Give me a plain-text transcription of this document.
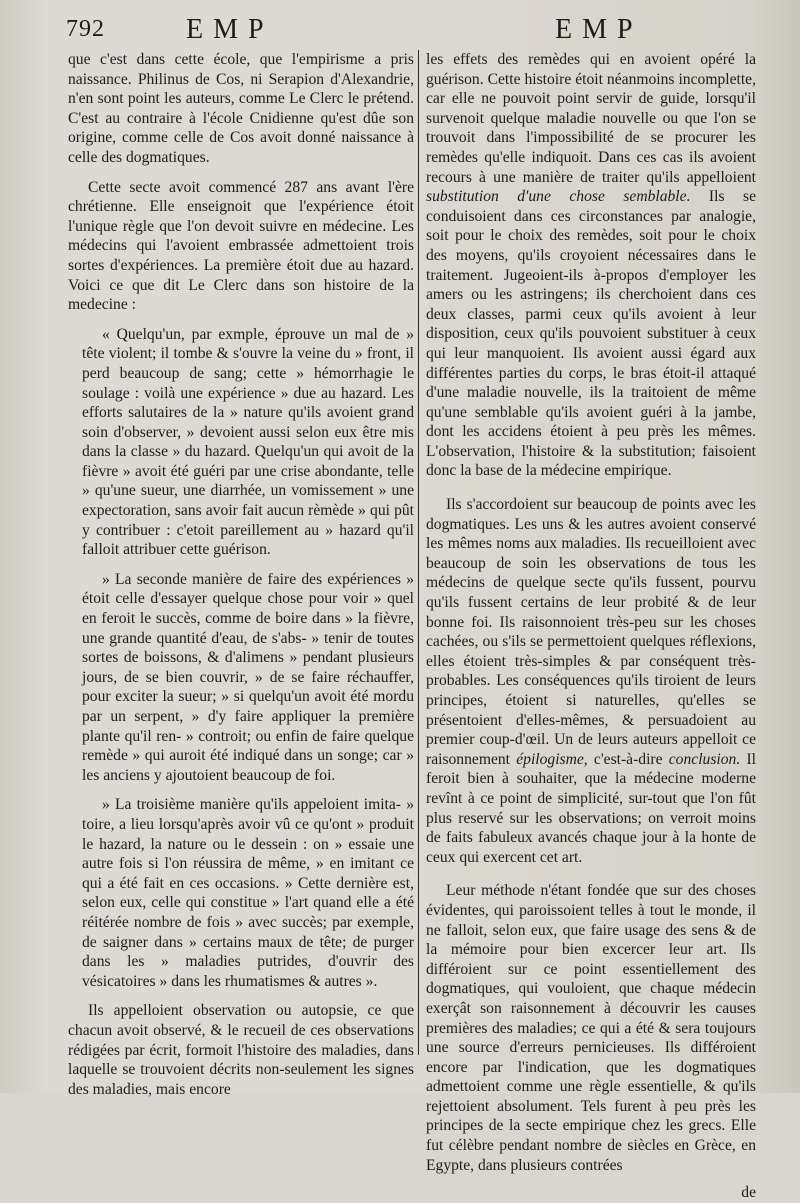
792	EMP	EMP

que c'est dans cette école, que l'empirisme a pris naissance. Philinus de Cos, ni Serapion d'Alexandrie, n'en sont point les auteurs, comme Le Clerc le prétend. C'est au contraire à l'école Cnidienne qu'est dûe son origine, comme celle de Cos avoit donné naissance à celle des dogmatiques.

Cette secte avoit commencé 287 ans avant l'ère chrétienne. Elle enseignoit que l'expérience étoit l'unique règle que l'on devoit suivre en médecine. Les médecins qui l'avoient embrassée admettoient trois sortes d'expériences. La première étoit due au hazard. Voici ce que dit Le Clerc dans son histoire de la medecine :

« Quelqu'un, par exmple, éprouve un mal de » tête violent; il tombe & s'ouvre la veine du » front, il perd beaucoup de sang; cette » hémorrhagie le soulage : voilà une expérience » due au hazard. Les efforts salutaires de la » nature qu'ils avoient grand soin d'observer, » devoient aussi selon eux être mis dans la classe » du hazard. Quelqu'un qui avoit de la fièvre » avoit été guéri par une crise abondante, telle » qu'une sueur, une diarrhée, un vomissement » une expectoration, sans avoir fait aucun rèmède » qui pût y contribuer : c'etoit pareillement au » hazard qu'il falloit attribuer cette guérison.

» La seconde manière de faire des expériences » étoit celle d'essayer quelque chose pour voir » quel en feroit le succès, comme de boire dans » la fièvre, une grande quantité d'eau, de s'abs- » tenir de toutes sortes de boissons, & d'alimens » pendant plusieurs jours, de se bien couvrir, » de se faire réchauffer, pour exciter la sueur; » si quelqu'un avoit été mordu par un serpent, » d'y faire appliquer la première plante qu'il ren- » controit; ou enfin de faire quelque remède » qui auroit été indiqué dans un songe; car » les anciens y ajoutoient beaucoup de foi.

» La troisième manière qu'ils appeloient imita- » toire, a lieu lorsqu'après avoir vû ce qu'ont » produit le hazard, la nature ou le dessein : on » essaie une autre fois si l'on réussira de même, » en imitant ce qui a été fait en ces occasions. » Cette dernière est, selon eux, celle qui constitue » l'art quand elle a été réitérée nombre de fois » avec succès; par exemple, de saigner dans » certains maux de tête; de purger dans les » maladies putrides, d'ouvrir des vésicatoires » dans les rhumatismes & autres ».

Ils appelloient observation ou autopsie, ce que chacun avoit observé, & le recueil de ces observations rédigées par écrit, formoit l'histoire des maladies, dans laquelle se trouvoient décrits non-seulement les signes des maladies, mais encore

les effets des remèdes qui en avoient opéré la guérison. Cette histoire étoit néanmoins incomplette, car elle ne pouvoit point servir de guide, lorsqu'il survenoit quelque maladie nouvelle ou que l'on se trouvoit dans l'impossibilité de se procurer les remèdes qu'elle indiquoit. Dans ces cas ils avoient recours à une manière de traiter qu'ils appelloient substitution d'une chose semblable. Ils se conduisoient dans ces circonstances par analogie, soit pour le choix des remèdes, soit pour le choix des moyens, qu'ils croyoient nécessaires dans le traitement. Jugeoient-ils à-propos d'employer les amers ou les astringens; ils cherchoient dans ces deux classes, parmi ceux qu'ils avoient à leur disposition, ceux qu'ils pouvoient substituer à ceux qui leur manquoient. Ils avoient aussi égard aux différentes parties du corps, le bras étoit-il attaqué d'une maladie nouvelle, ils la traitoient de même qu'une semblable qu'ils avoient guéri à la jambe, dont les accidens étoient à peu près les mêmes. L'observation, l'histoire & la substitution; faisoient donc la base de la médecine empirique.

Ils s'accordoient sur beaucoup de points avec les dogmatiques. Les uns & les autres avoient conservé les mêmes noms aux maladies. Ils recueilloient avec beaucoup de soin les observations de tous les médecins de quelque secte qu'ils fussent, pourvu qu'ils fussent certains de leur probité & de leur bonne foi. Ils raisonnoient très-peu sur les choses cachées, ou s'ils se permettoient quelques réflexions, elles étoient très-simples & par conséquent très-probables. Les conséquences qu'ils tiroient de leurs principes, étoient si naturelles, qu'elles se présentoient d'elles-mêmes, & persuadoient au premier coup-d'œil. Un de leurs auteurs appelloit ce raisonnement épilogisme, c'est-à-dire conclusion. Il feroit bien à souhaiter, que la médecine moderne revînt à ce point de simplicité, sur-tout que l'on fût plus reservé sur les observations; on verroit moins de faits fabuleux avancés chaque jour à la honte de ceux qui exercent cet art.

Leur méthode n'étant fondée que sur des choses évidentes, qui paroissoient telles à tout le monde, il ne falloit, selon eux, que faire usage des sens & de la mémoire pour bien excercer leur art. Ils différoient sur ce point essentiellement des dogmatiques, qui vouloient, que chaque médecin exerçât son raisonnement à découvrir les causes premières des maladies; ce qui a été & sera toujours une source d'erreurs pernicieuses. Ils différoient encore par l'indication, que les dogmatiques admettoient comme une règle essentielle, & qu'ils rejettoient absolument. Tels furent à peu près les principes de la secte empirique chez les grecs. Elle fut célèbre pendant nombre de siècles en Grèce, en Egypte, dans plusieurs contrées

de
